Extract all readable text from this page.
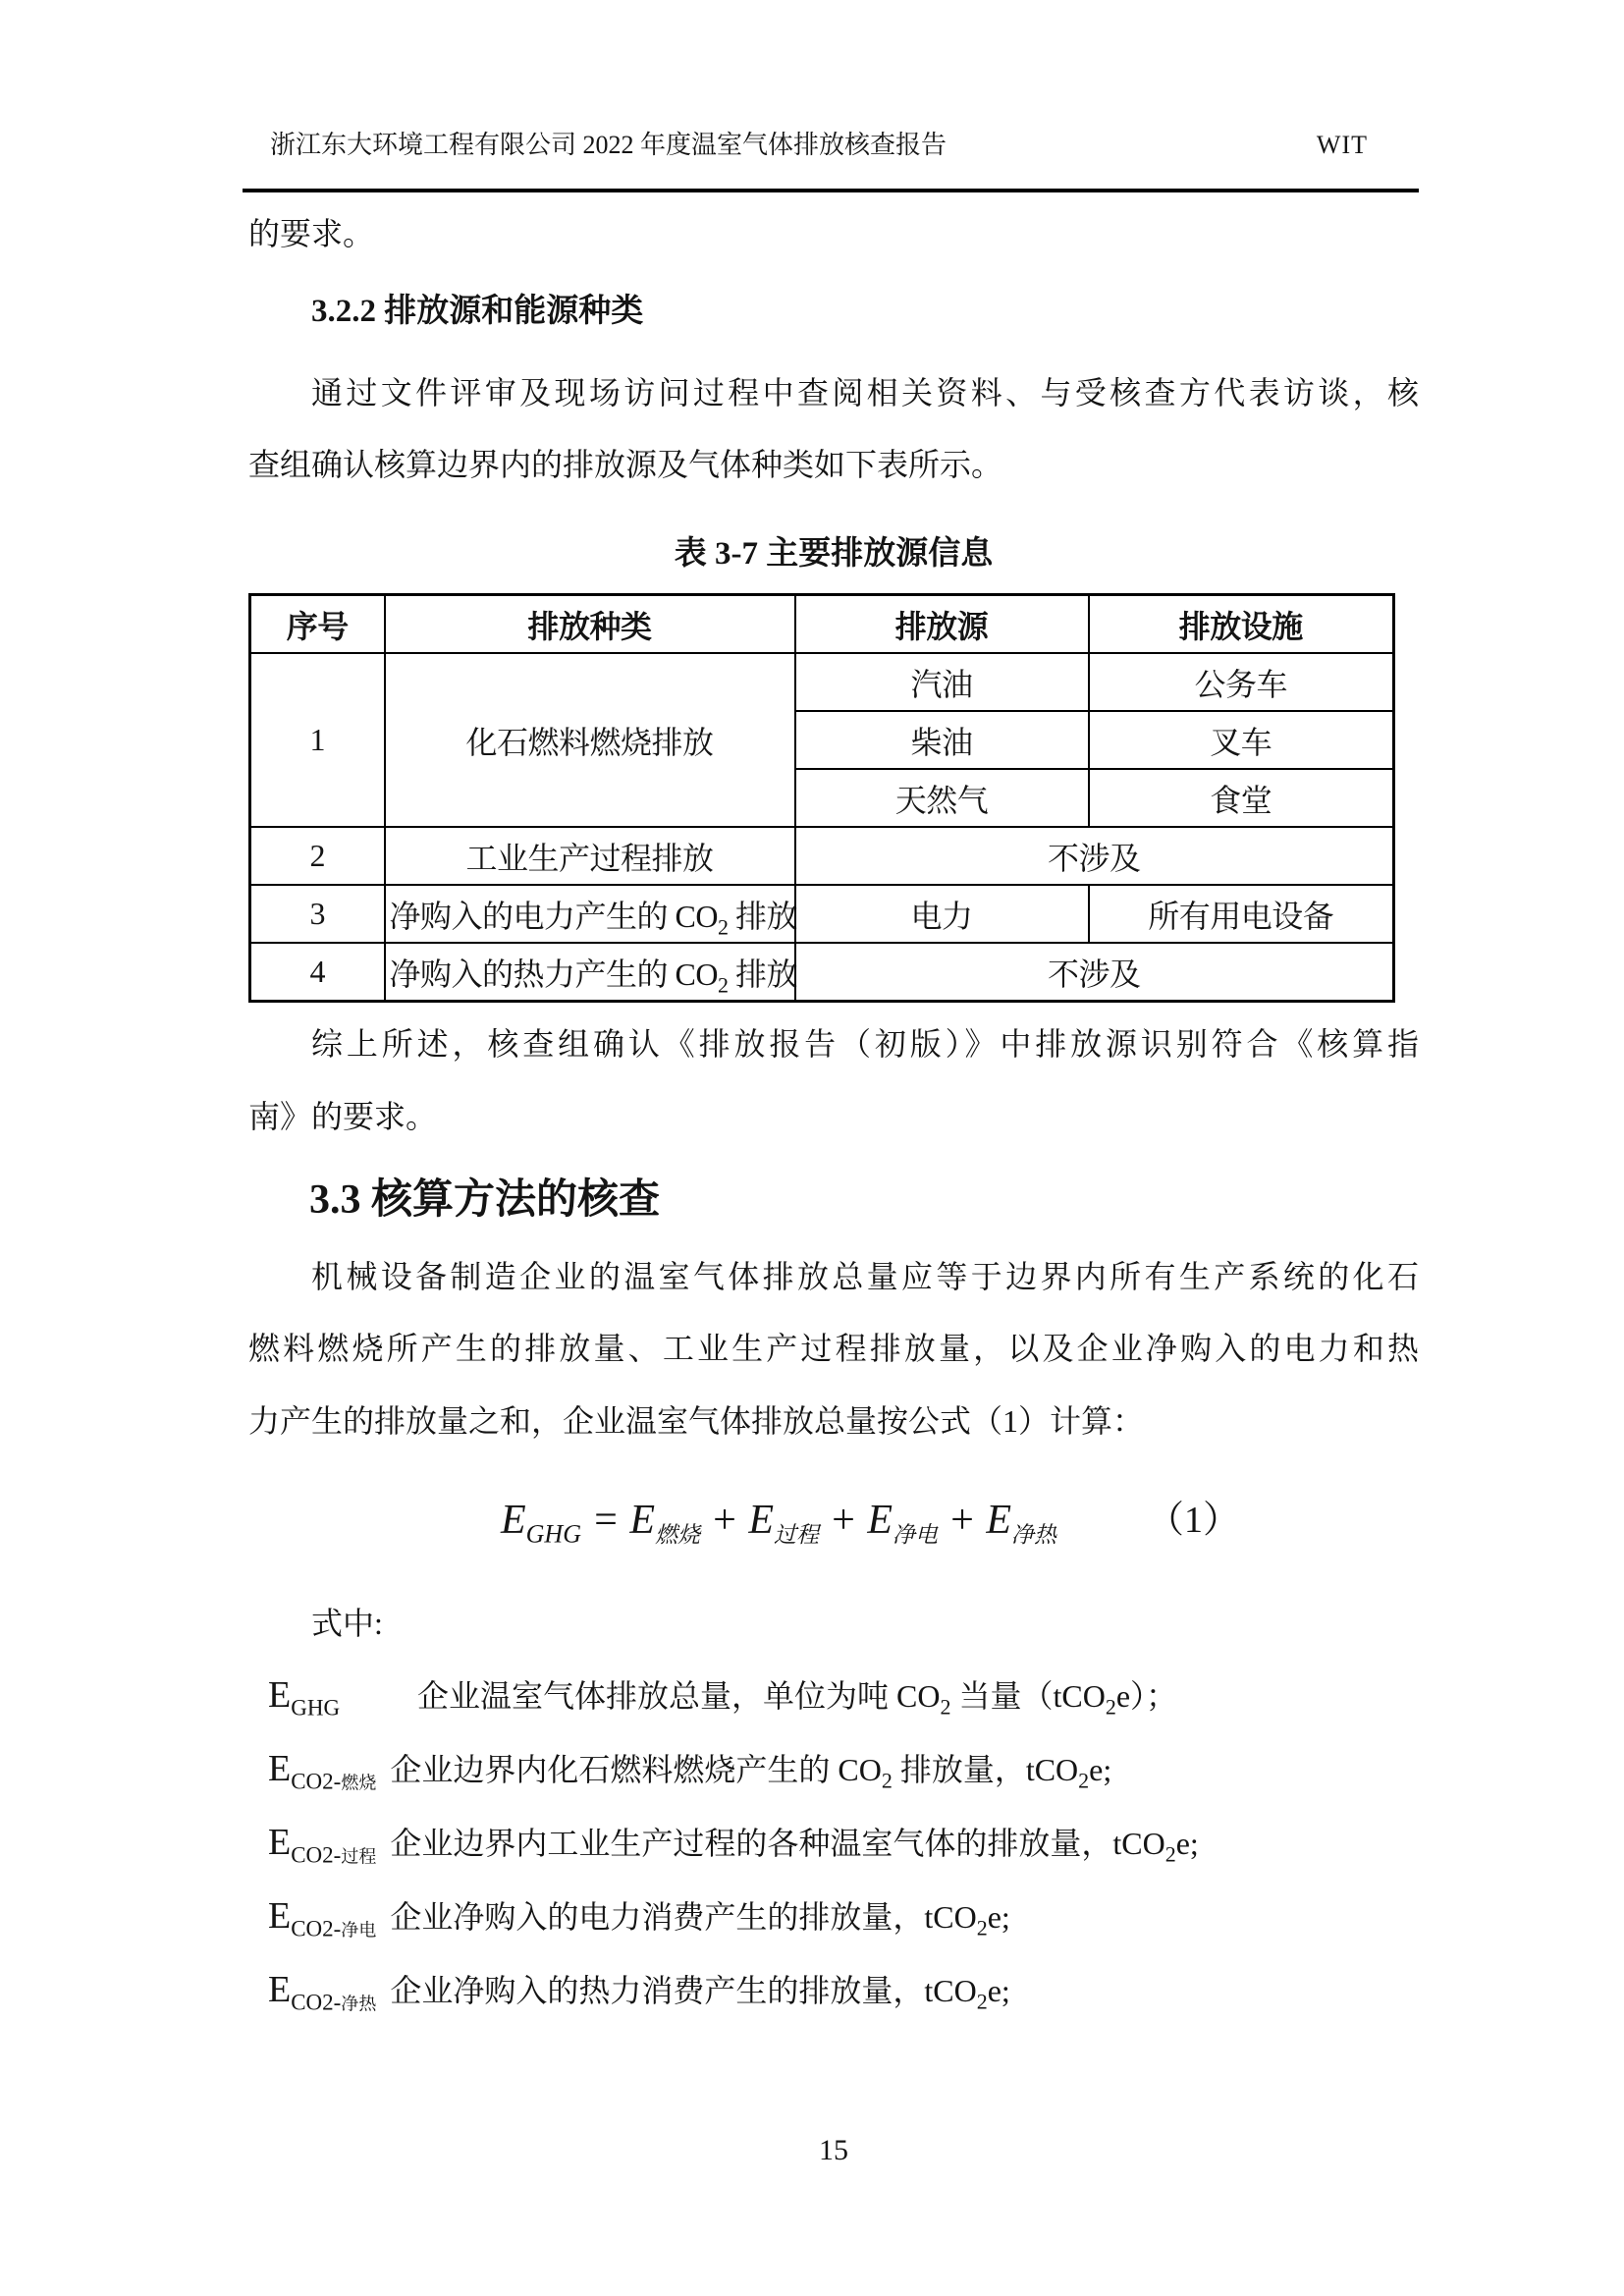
浙江东大环境工程有限公司 2022 年度温室气体排放核查报告	WIT
的要求。
3.2.2 排放源和能源种类
通过文件评审及现场访问过程中查阅相关资料、与受核查方代表访谈，核
查组确认核算边界内的排放源及气体种类如下表所示。
表 3-7 主要排放源信息
序号	排放种类	排放源	排放设施
1	化石燃料燃烧排放	汽油	公务车
		柴油	叉车
		天然气	食堂
2	工业生产过程排放	不涉及	
3	净购入的电力产生的 $CO_2$ 排放	电力	所有用电设备
4	净购入的热力产生的 $CO_2$ 排放	不涉及	
综上所述，核查组确认《排放报告（初版）》中排放源识别符合《核算指
南》的要求。
3.3 核算方法的核查
机械设备制造企业的温室气体排放总量应等于边界内所有生产系统的化石
燃料燃烧所产生的排放量、工业生产过程排放量，以及企业净购入的电力和热
力产生的排放量之和，企业温室气体排放总量按公式（1）计算：
$E_{GHG} = E_{燃烧} + E_{过程} + E_{净电} + E_{净热}$ （1）
式中:
$E_{GHG}$ 企业温室气体排放总量，单位为吨 $CO_2$ 当量（tCO$_2$e）；
$E_{CO2-燃烧}$ 企业边界内化石燃料燃烧产生的 $CO_2$ 排放量，tCO$_2$e;
$E_{CO2-过程}$ 企业边界内工业生产过程的各种温室气体的排放量，tCO$_2$e;
$E_{CO2-净电}$ 企业净购入的电力消费产生的排放量，tCO$_2$e;
$E_{CO2-净热}$ 企业净购入的热力消费产生的排放量，tCO$_2$e;
15
